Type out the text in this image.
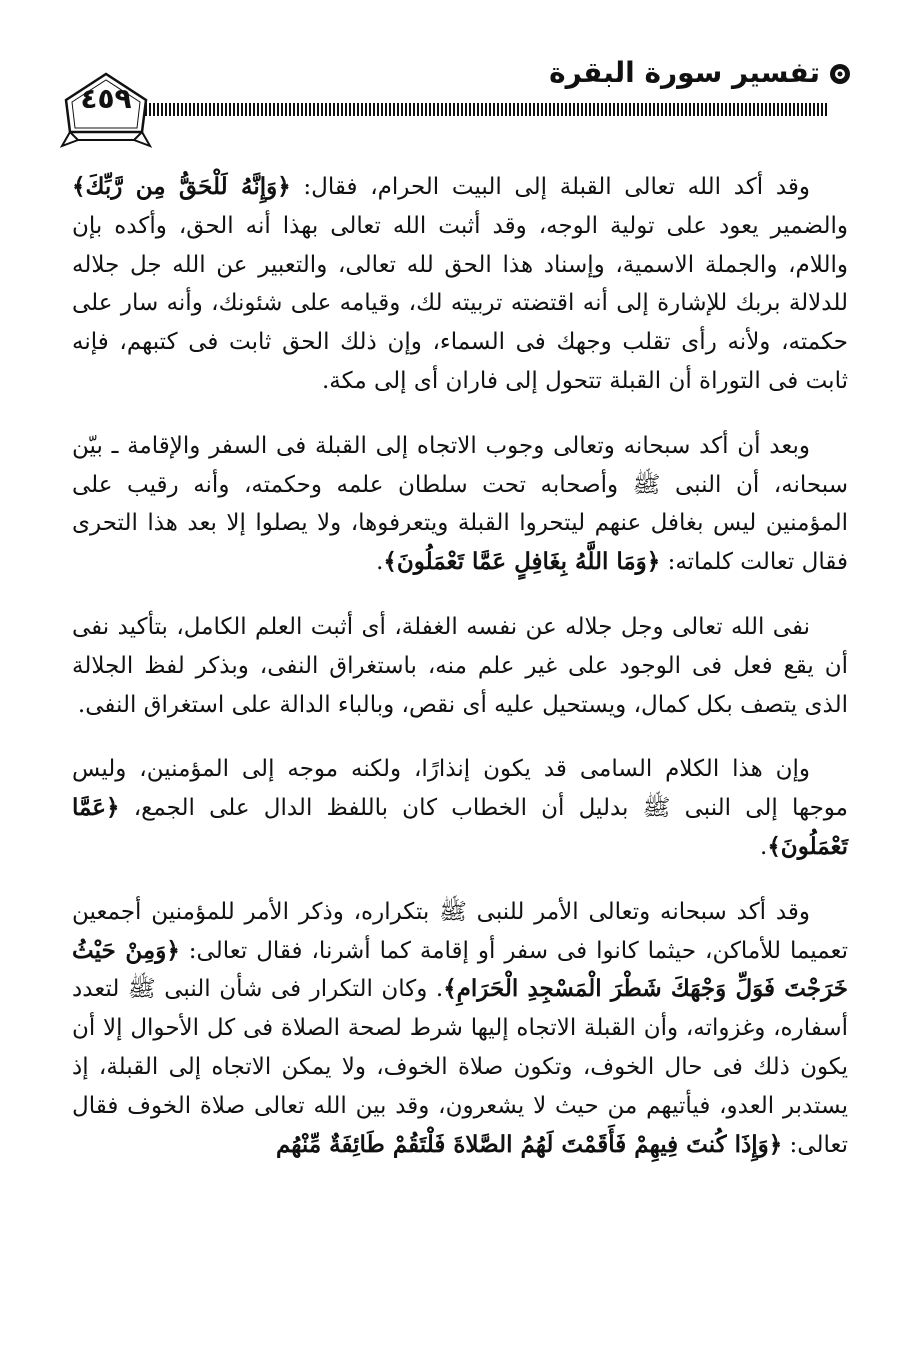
تفسير سورة البقرة
٤٥٩

وقد أكد الله تعالى القبلة إلى البيت الحرام، فقال: ﴿وَإِنَّهُ لَلْحَقُّ مِن رَّبِّكَ﴾ والضمير يعود على تولية الوجه، وقد أثبت الله تعالى بهذا أنه الحق، وأكده بإن واللام، والجملة الاسمية، وإسناد هذا الحق لله تعالى، والتعبير عن الله جل جلاله للدلالة بربك للإشارة إلى أنه اقتضته تربيته لك، وقيامه على شئونك، وأنه سار على حكمته، ولأنه رأى تقلب وجهك فى السماء، وإن ذلك الحق ثابت فى كتبهم، فإنه ثابت فى التوراة أن القبلة تتحول إلى فاران أى إلى مكة.

وبعد أن أكد سبحانه وتعالى وجوب الاتجاه إلى القبلة فى السفر والإقامة ـ بيّن سبحانه، أن النبى ﷺ وأصحابه تحت سلطان علمه وحكمته، وأنه رقيب على المؤمنين ليس بغافل عنهم ليتحروا القبلة ويتعرفوها، ولا يصلوا إلا بعد هذا التحرى فقال تعالت كلماته: ﴿وَمَا اللَّهُ بِغَافِلٍ عَمَّا تَعْمَلُونَ﴾.

نفى الله تعالى وجل جلاله عن نفسه الغفلة، أى أثبت العلم الكامل، بتأكيد نفى أن يقع فعل فى الوجود على غير علم منه، باستغراق النفى، وبذكر لفظ الجلالة الذى يتصف بكل كمال، ويستحيل عليه أى نقص، وبالباء الدالة على استغراق النفى.

وإن هذا الكلام السامى قد يكون إنذارًا، ولكنه موجه إلى المؤمنين، وليس موجها إلى النبى ﷺ بدليل أن الخطاب كان باللفظ الدال على الجمع، ﴿عَمَّا تَعْمَلُونَ﴾.

وقد أكد سبحانه وتعالى الأمر للنبى ﷺ بتكراره، وذكر الأمر للمؤمنين أجمعين تعميما للأماكن، حيثما كانوا فى سفر أو إقامة كما أشرنا، فقال تعالى: ﴿وَمِنْ حَيْثُ خَرَجْتَ فَوَلِّ وَجْهَكَ شَطْرَ الْمَسْجِدِ الْحَرَامِ﴾. وكان التكرار فى شأن النبى ﷺ لتعدد أسفاره، وغزواته، وأن القبلة الاتجاه إليها شرط لصحة الصلاة فى كل الأحوال إلا أن يكون ذلك فى حال الخوف، وتكون صلاة الخوف، ولا يمكن الاتجاه إلى القبلة، إذ يستدبر العدو، فيأتيهم من حيث لا يشعرون، وقد بين الله تعالى صلاة الخوف فقال تعالى: ﴿وَإِذَا كُنتَ فِيهِمْ فَأَقَمْتَ لَهُمُ الصَّلاةَ فَلْتَقُمْ طَائِفَةٌ مِّنْهُم
